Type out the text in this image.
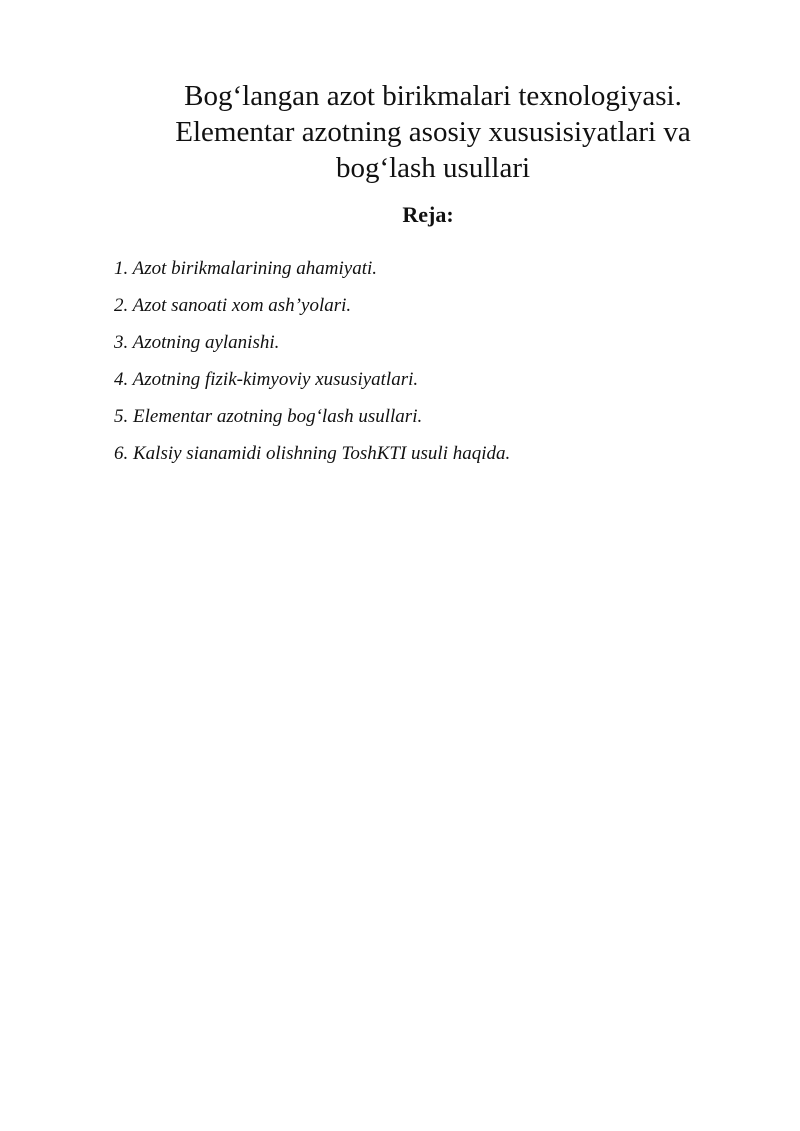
Bog‘langan azot birikmalari texnologiyasi.
Elementar azotning asosiy xususisiyatlari va
bog‘lash usullari
Reja:
1. Azot birikmalarining ahamiyati.
2. Azot sanoati xom ash’yolari.
3. Azotning aylanishi.
4. Azotning fizik-kimyoviy xususiyatlari.
5. Elementar azotning bog‘lash usullari.
6. Kalsiy sianamidi olishning ToshKTI usuli haqida.
